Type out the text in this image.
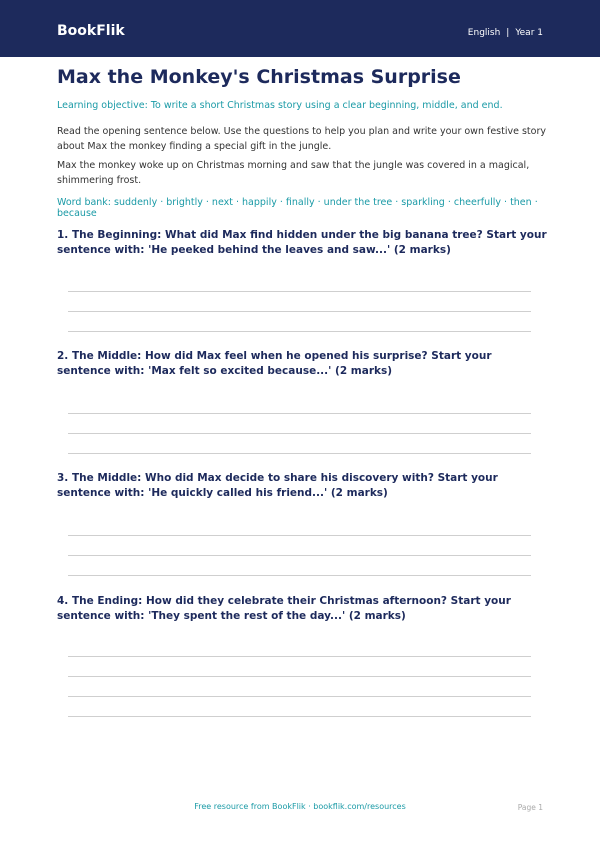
BookFlik	English | Year 1
Max the Monkey's Christmas Surprise
Learning objective: To write a short Christmas story using a clear beginning, middle, and end.
Read the opening sentence below. Use the questions to help you plan and write your own festive story about Max the monkey finding a special gift in the jungle.
Max the monkey woke up on Christmas morning and saw that the jungle was covered in a magical, shimmering frost.
Word bank: suddenly · brightly · next · happily · finally · under the tree · sparkling · cheerfully · then · because
1. The Beginning: What did Max find hidden under the big banana tree? Start your sentence with: 'He peeked behind the leaves and saw...' (2 marks)
2. The Middle: How did Max feel when he opened his surprise? Start your sentence with: 'Max felt so excited because...' (2 marks)
3. The Middle: Who did Max decide to share his discovery with? Start your sentence with: 'He quickly called his friend...' (2 marks)
4. The Ending: How did they celebrate their Christmas afternoon? Start your sentence with: 'They spent the rest of the day...' (2 marks)
Free resource from BookFlik · bookflik.com/resources	Page 1
